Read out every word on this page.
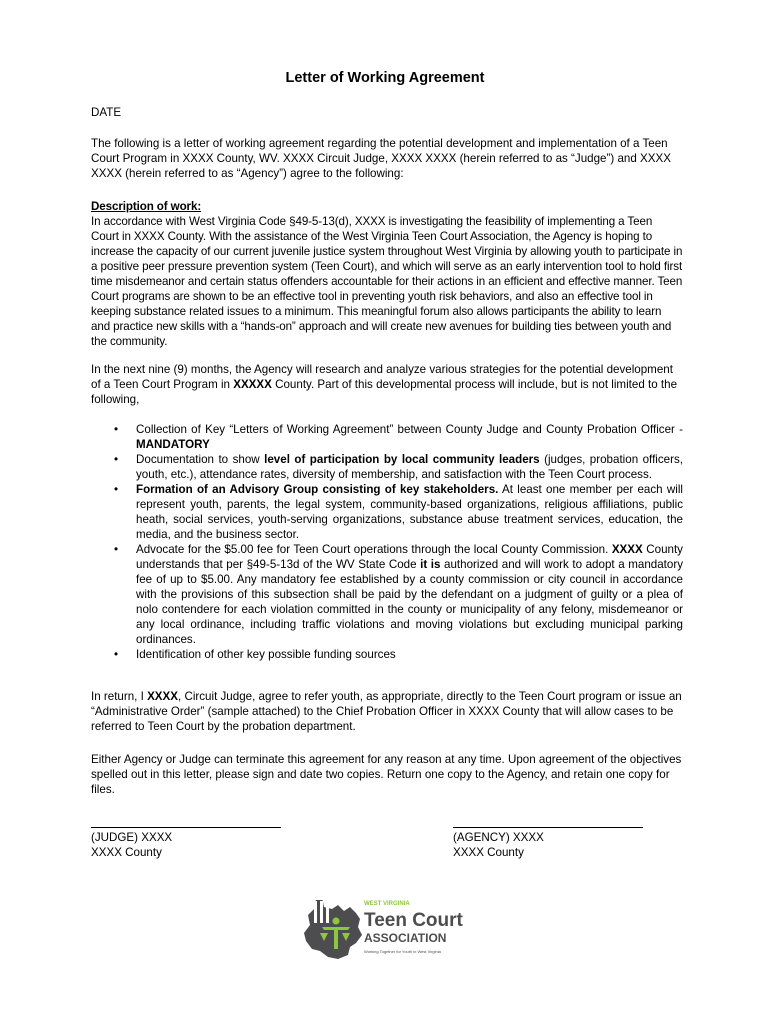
Letter of Working Agreement
DATE
The following is a letter of working agreement regarding the potential development and implementation of a Teen Court Program in XXXX County, WV. XXXX Circuit Judge, XXXX XXXX (herein referred to as “Judge”) and XXXX XXXX (herein referred to as “Agency”) agree to the following:
Description of work:
In accordance with West Virginia Code §49-5-13(d), XXXX is investigating the feasibility of implementing a Teen Court in XXXX County. With the assistance of the West Virginia Teen Court Association, the Agency is hoping to increase the capacity of our current juvenile justice system throughout West Virginia by allowing youth to participate in a positive peer pressure prevention system (Teen Court), and which will serve as an early intervention tool to hold first time misdemeanor and certain status offenders accountable for their actions in an efficient and effective manner. Teen Court programs are shown to be an effective tool in preventing youth risk behaviors, and also an effective tool in keeping substance related issues to a minimum. This meaningful forum also allows participants the ability to learn and practice new skills with a “hands-on” approach and will create new avenues for building ties between youth and the community.
In the next nine (9) months, the Agency will research and analyze various strategies for the potential development of a Teen Court Program in XXXXX County. Part of this developmental process will include, but is not limited to the following,
• Collection of Key “Letters of Working Agreement” between County Judge and County Probation Officer - MANDATORY
• Documentation to show level of participation by local community leaders (judges, probation officers, youth, etc.), attendance rates, diversity of membership, and satisfaction with the Teen Court process.
• Formation of an Advisory Group consisting of key stakeholders. At least one member per each will represent youth, parents, the legal system, community-based organizations, religious affiliations, public heath, social services, youth-serving organizations, substance abuse treatment services, education, the media, and the business sector.
• Advocate for the $5.00 fee for Teen Court operations through the local County Commission. XXXX County understands that per §49-5-13d of the WV State Code it is authorized and will work to adopt a mandatory fee of up to $5.00. Any mandatory fee established by a county commission or city council in accordance with the provisions of this subsection shall be paid by the defendant on a judgment of guilty or a plea of nolo contendere for each violation committed in the county or municipality of any felony, misdemeanor or any local ordinance, including traffic violations and moving violations but excluding municipal parking ordinances.
• Identification of other key possible funding sources
In return, I XXXX, Circuit Judge, agree to refer youth, as appropriate, directly to the Teen Court program or issue an “Administrative Order” (sample attached) to the Chief Probation Officer in XXXX County that will allow cases to be referred to Teen Court by the probation department.
Either Agency or Judge can terminate this agreement for any reason at any time. Upon agreement of the objectives spelled out in this letter, please sign and date two copies. Return one copy to the Agency, and retain one copy for files.
(JUDGE) XXXX
XXXX County
(AGENCY) XXXX
XXXX County
WEST VIRGINIA
Teen Court
ASSOCIATION
Working Together for Youth in West Virginia
